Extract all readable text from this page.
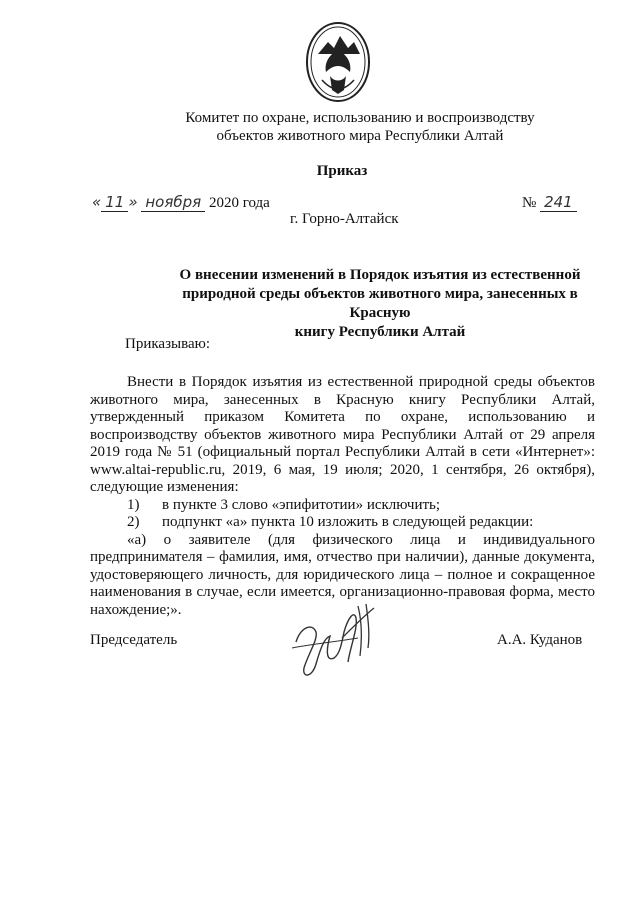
Комитет по охране, использованию и воспроизводству
объектов животного мира Республики Алтай
Приказ
« 11 » ноября 2020 года	№ 241
г. Горно-Алтайск
О внесении изменений в Порядок изъятия из естественной
природной среды объектов животного мира, занесенных в Красную
книгу Республики Алтай
Приказываю:

Внести в Порядок изъятия из естественной природной среды объектов животного мира, занесенных в Красную книгу Республики Алтай, утвержденный приказом Комитета по охране, использованию и воспроизводству объектов животного мира Республики Алтай от 29 апреля 2019 года № 51 (официальный портал Республики Алтай в сети «Интернет»: www.altai-republic.ru, 2019, 6 мая, 19 июля; 2020, 1 сентября, 26 октября), следующие изменения:

1)	в пункте 3 слово «эпифитотии» исключить;
2)	подпункт «а» пункта 10 изложить в следующей редакции:

«а) о заявителе (для физического лица и индивидуального предпринимателя – фамилия, имя, отчество при наличии), данные документа, удостоверяющего личность, для юридического лица – полное и сокращенное наименования в случае, если имеется, организационно-правовая форма, место нахождение;».

Председатель	А.А. Куданов
